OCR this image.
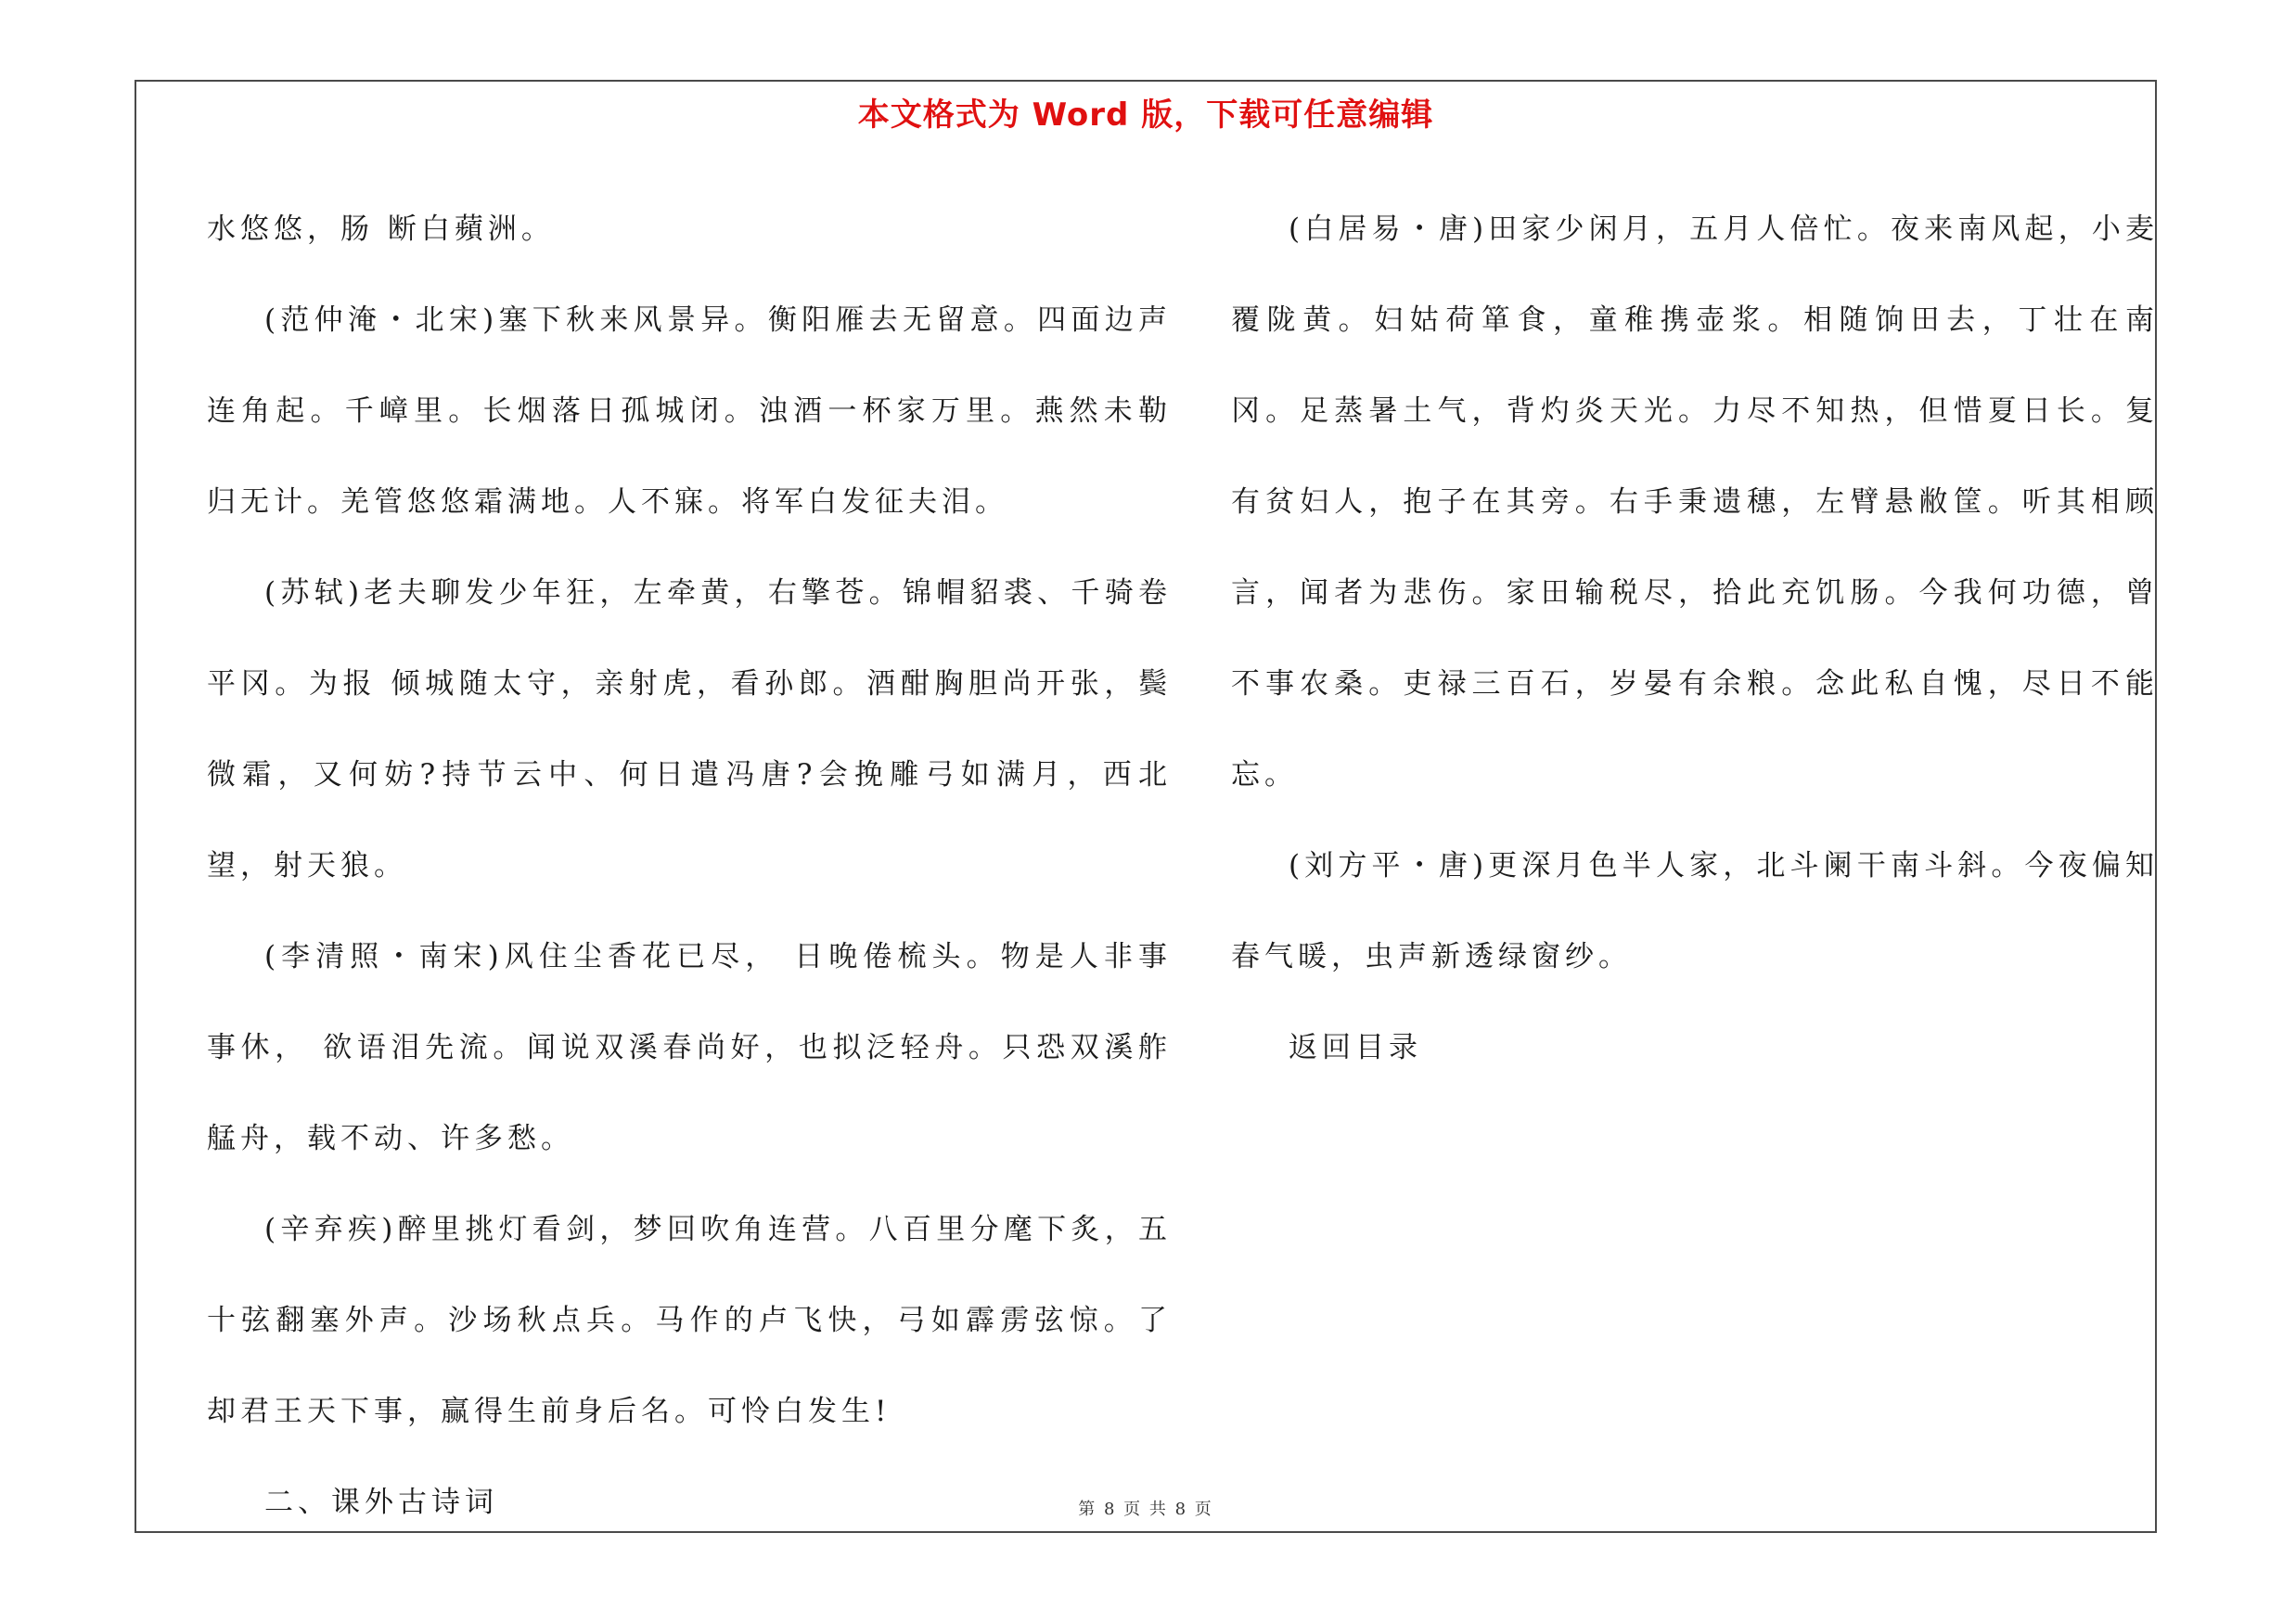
本文格式为 Word 版，下载可任意编辑

水悠悠，肠 断白蘋洲。

(范仲淹・北宋)塞下秋来风景异。衡阳雁去无留意。四面边声连角起。千嶂里。长烟落日孤城闭。浊酒一杯家万里。燕然未勒归无计。羌管悠悠霜满地。人不寐。将军白发征夫泪。

(苏轼)老夫聊发少年狂，左牵黄，右擎苍。锦帽貂裘、千骑卷平冈。为报 倾城随太守，亲射虎，看孙郎。酒酣胸胆尚开张，鬓微霜，又何妨?持节云中、何日遣冯唐?会挽雕弓如满月，西北望，射天狼。

(李清照・南宋)风住尘香花已尽， 日晚倦梳头。物是人非事事休， 欲语泪先流。闻说双溪春尚好，也拟泛轻舟。只恐双溪舴艋舟，载不动、许多愁。

(辛弃疾)醉里挑灯看剑，梦回吹角连营。八百里分麾下炙，五十弦翻塞外声。沙场秋点兵。马作的卢飞快，弓如霹雳弦惊。了却君王天下事，赢得生前身后名。可怜白发生!

二、课外古诗词

(白居易・唐)田家少闲月，五月人倍忙。夜来南风起，小麦覆陇黄。妇姑荷箪食，童稚携壶浆。相随饷田去，丁壮在南冈。足蒸暑土气，背灼炎天光。力尽不知热，但惜夏日长。复有贫妇人，抱子在其旁。右手秉遗穗，左臂悬敝筐。听其相顾言，闻者为悲伤。家田输税尽，拾此充饥肠。今我何功德，曾不事农桑。吏禄三百石，岁晏有余粮。念此私自愧，尽日不能忘。

(刘方平・唐)更深月色半人家，北斗阑干南斗斜。今夜偏知春气暖，虫声新透绿窗纱。

返回目录

第 8 页 共 8 页
